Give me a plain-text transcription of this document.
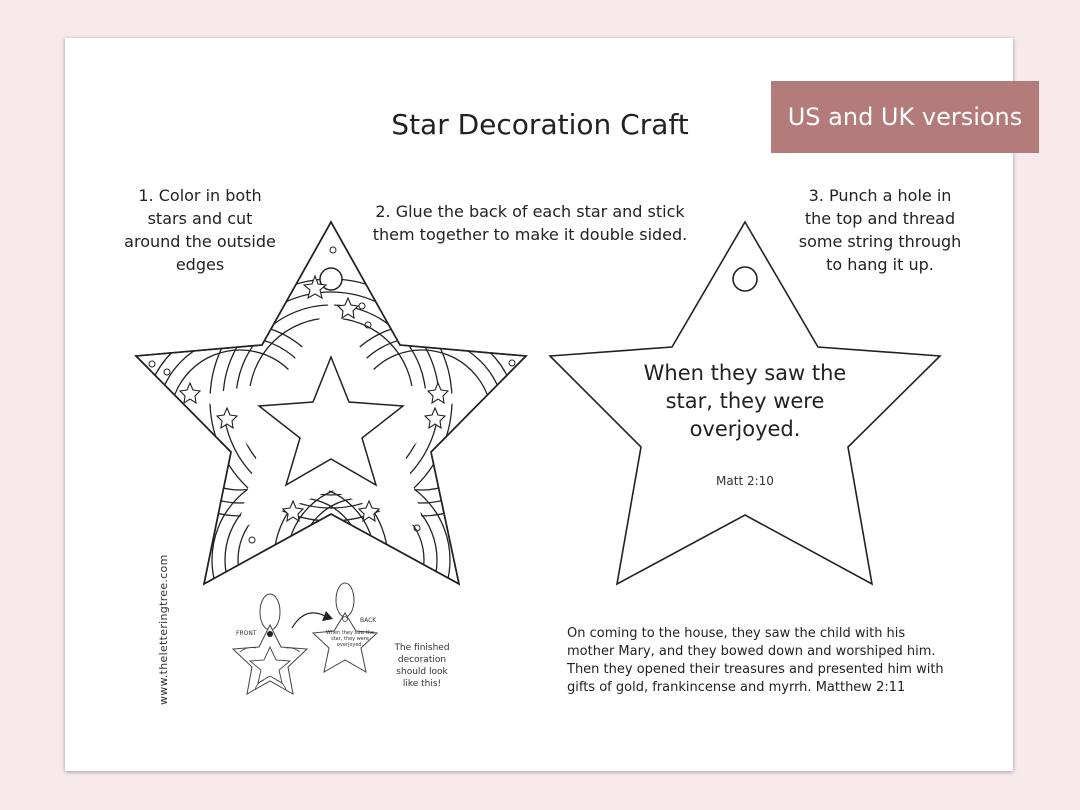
US and UK versions
Star Decoration Craft
1. Color in both stars and cut around the outside edges
2. Glue the back of each star and stick them together to make it double sided.
3. Punch a hole in the top and thread some string through to hang it up.
When they saw the star, they were overjoyed.
Matt 2:10
FRONT
BACK
When they saw the star, they were overjoyed.	The finished decoration should look like this!
www.theletteringtree.com	On coming to the house, they saw the child with his mother Mary, and they bowed down and worshiped him. Then they opened their treasures and presented him with gifts of gold, frankincense and myrrh. Matthew 2:11
